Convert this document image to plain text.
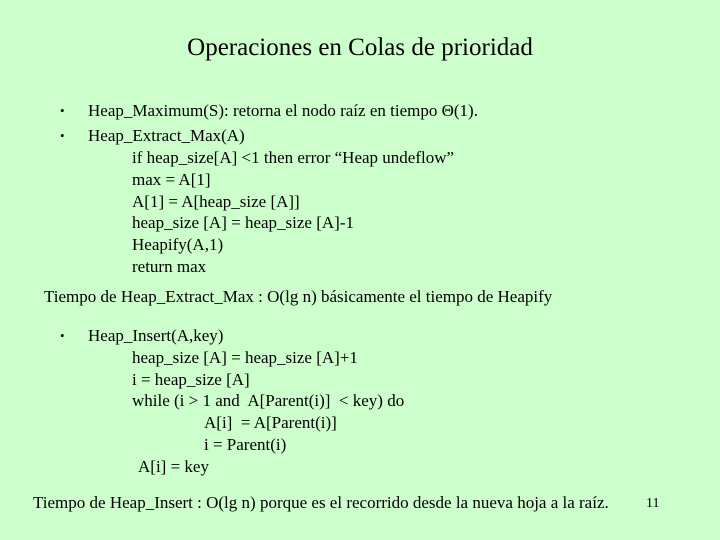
Operaciones en Colas de prioridad
• Heap_Maximum(S): retorna el nodo raíz en tiempo Θ(1).
• Heap_Extract_Max(A)
if heap_size[A] <1 then error “Heap undeflow”
max = A[1]
A[1] = A[heap_size [A]]
heap_size [A] = heap_size [A]-1
Heapify(A,1)
return max
Tiempo de Heap_Extract_Max : O(lg n) básicamente el tiempo de Heapify
• Heap_Insert(A,key)
heap_size [A] = heap_size [A]+1
i = heap_size [A]
while (i > 1 and  A[Parent(i)]  < key) do
A[i]  = A[Parent(i)]
i = Parent(i)
A[i] = key
Tiempo de Heap_Insert : O(lg n) porque es el recorrido desde la nueva hoja a la raíz.	11
